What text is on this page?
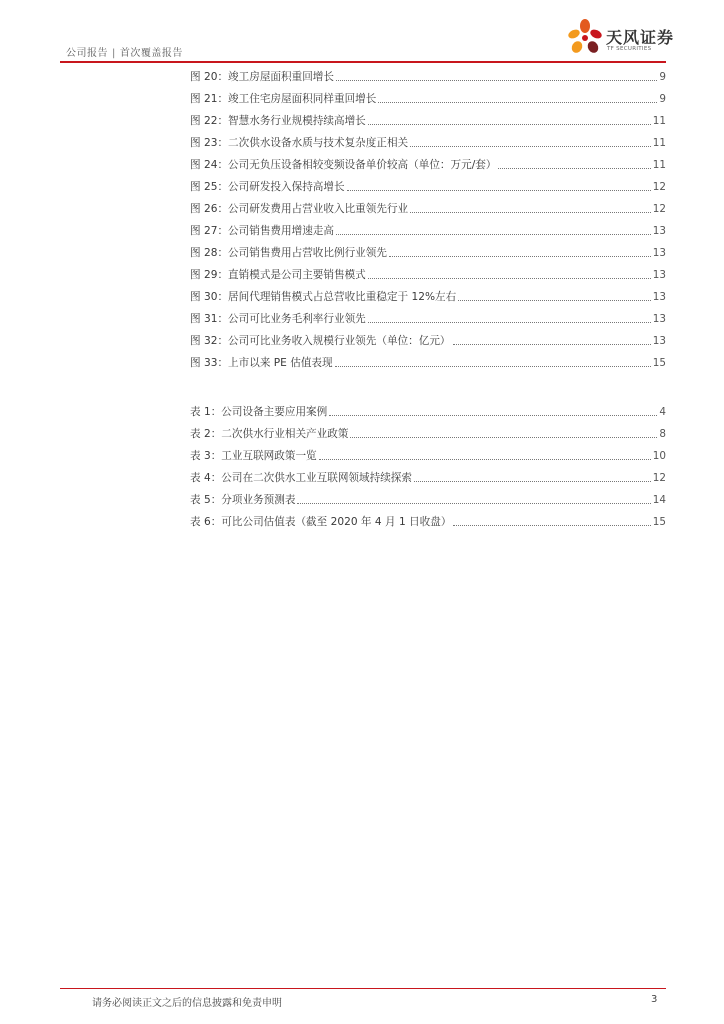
公司报告 | 首次覆盖报告
天风证券
TF SECURITIES
图 20：竣工房屋面积重回增长	9
图 21：竣工住宅房屋面积同样重回增长	9
图 22：智慧水务行业规模持续高增长	11
图 23：二次供水设备水质与技术复杂度正相关	11
图 24：公司无负压设备相较变频设备单价较高（单位：万元/套）	11
图 25：公司研发投入保持高增长	12
图 26：公司研发费用占营业收入比重领先行业	12
图 27：公司销售费用增速走高	13
图 28：公司销售费用占营收比例行业领先	13
图 29：直销模式是公司主要销售模式	13
图 30：居间代理销售模式占总营收比重稳定于 12%左右	13
图 31：公司可比业务毛利率行业领先	13
图 32：公司可比业务收入规模行业领先（单位：亿元）	13
图 33：上市以来 PE 估值表现	15
表 1：公司设备主要应用案例	4
表 2：二次供水行业相关产业政策	8
表 3：工业互联网政策一览	10
表 4：公司在二次供水工业互联网领域持续探索	12
表 5：分项业务预测表	14
表 6：可比公司估值表（截至 2020 年 4 月 1 日收盘）	15
请务必阅读正文之后的信息披露和免责申明	3
